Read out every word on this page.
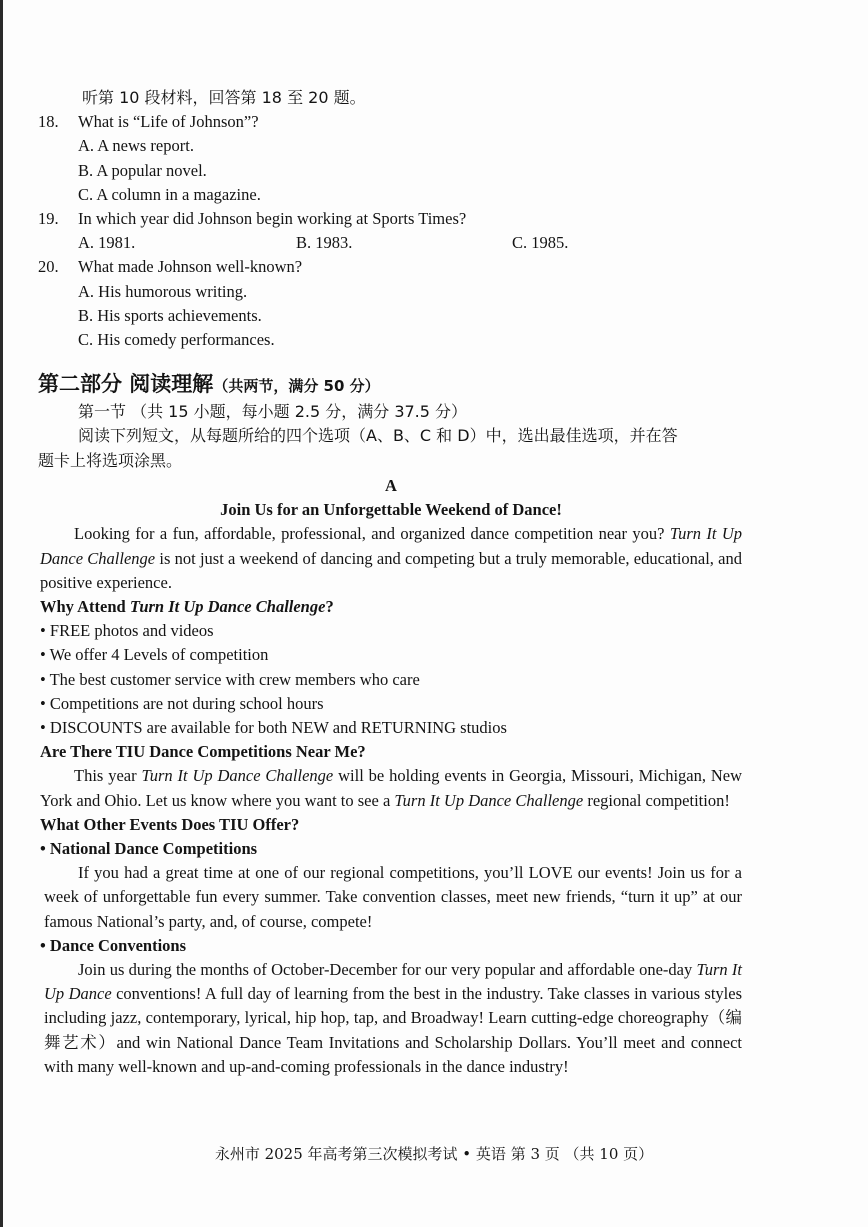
听第 10 段材料，回答第 18 至 20 题。
18. What is “Life of Johnson”?
A. A news report.
B. A popular novel.
C. A column in a magazine.
19. In which year did Johnson begin working at Sports Times?
A. 1981.	B. 1983.	C. 1985.
20. What made Johnson well-known?
A. His humorous writing.
B. His sports achievements.
C. His comedy performances.
第二部分 阅读理解（共两节，满分 50 分）
第一节 （共 15 小题，每小题 2.5 分，满分 37.5 分）
阅读下列短文，从每题所给的四个选项（A、B、C 和 D）中，选出最佳选项，并在答
题卡上将选项涂黑。
A
Join Us for an Unforgettable Weekend of Dance!
Looking for a fun, affordable, professional, and organized dance competition near you? Turn It Up Dance Challenge is not just a weekend of dancing and competing but a truly memorable, educational, and positive experience.
Why Attend Turn It Up Dance Challenge?
• FREE photos and videos
• We offer 4 Levels of competition
• The best customer service with crew members who care
• Competitions are not during school hours
• DISCOUNTS are available for both NEW and RETURNING studios
Are There TIU Dance Competitions Near Me?
This year Turn It Up Dance Challenge will be holding events in Georgia, Missouri, Michigan, New York and Ohio. Let us know where you want to see a Turn It Up Dance Challenge regional competition!
What Other Events Does TIU Offer?
• National Dance Competitions
If you had a great time at one of our regional competitions, you’ll LOVE our events! Join us for a week of unforgettable fun every summer. Take convention classes, meet new friends, “turn it up” at our famous National’s party, and, of course, compete!
• Dance Conventions
Join us during the months of October-December for our very popular and affordable one-day Turn It Up Dance conventions! A full day of learning from the best in the industry. Take classes in various styles including jazz, contemporary, lyrical, hip hop, tap, and Broadway! Learn cutting-edge choreography（编舞艺术）and win National Dance Team Invitations and Scholarship Dollars. You’ll meet and connect with many well-known and up-and-coming professionals in the dance industry!
永州市 2025 年高考第三次模拟考试 • 英语 第 3 页 （共 10 页）
